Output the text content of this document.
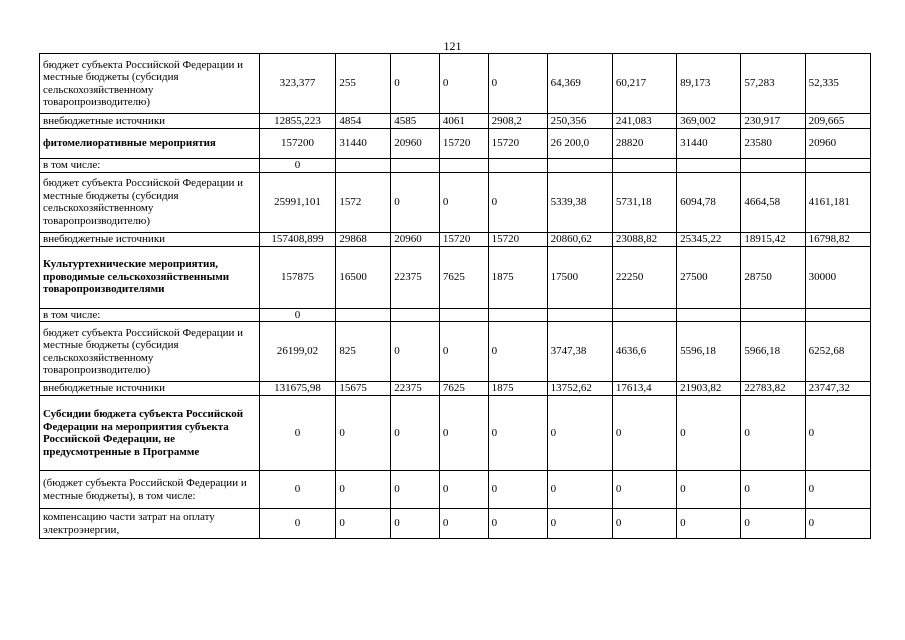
121
бюджет субъекта Российской Федерации и местные бюджеты (субсидия сельскохозяйственному товаропроизводителю)	323,377	255	0	0	0	64,369	60,217	89,173	57,283	52,335
внебюджетные источники	12855,223	4854	4585	4061	2908,2	250,356	241,083	369,002	230,917	209,665
фитомелиоративные мероприятия	157200	31440	20960	15720	15720	26 200,0	28820	31440	23580	20960
в том числе:	0									
бюджет субъекта Российской Федерации и местные бюджеты (субсидия сельскохозяйственному товаропроизводителю)	25991,101	1572	0	0	0	5339,38	5731,18	6094,78	4664,58	4161,181
внебюджетные источники	157408,899	29868	20960	15720	15720	20860,62	23088,82	25345,22	18915,42	16798,82
Культуртехнические мероприятия, проводимые сельскохозяйственными товаропроизводителями	157875	16500	22375	7625	1875	17500	22250	27500	28750	30000
в том числе:	0									
бюджет субъекта Российской Федерации и местные бюджеты (субсидия сельскохозяйственному товаропроизводителю)	26199,02	825	0	0	0	3747,38	4636,6	5596,18	5966,18	6252,68
внебюджетные источники	131675,98	15675	22375	7625	1875	13752,62	17613,4	21903,82	22783,82	23747,32
Субсидии бюджета субъекта Российской Федерации на мероприятия субъекта Российской Федерации, не предусмотренные в Программе	0	0	0	0	0	0	0	0	0	0
(бюджет субъекта Российской Федерации и местные бюджеты), в том числе:	0	0	0	0	0	0	0	0	0	0
компенсацию части затрат на оплату электроэнергии,	0	0	0	0	0	0	0	0	0	0
